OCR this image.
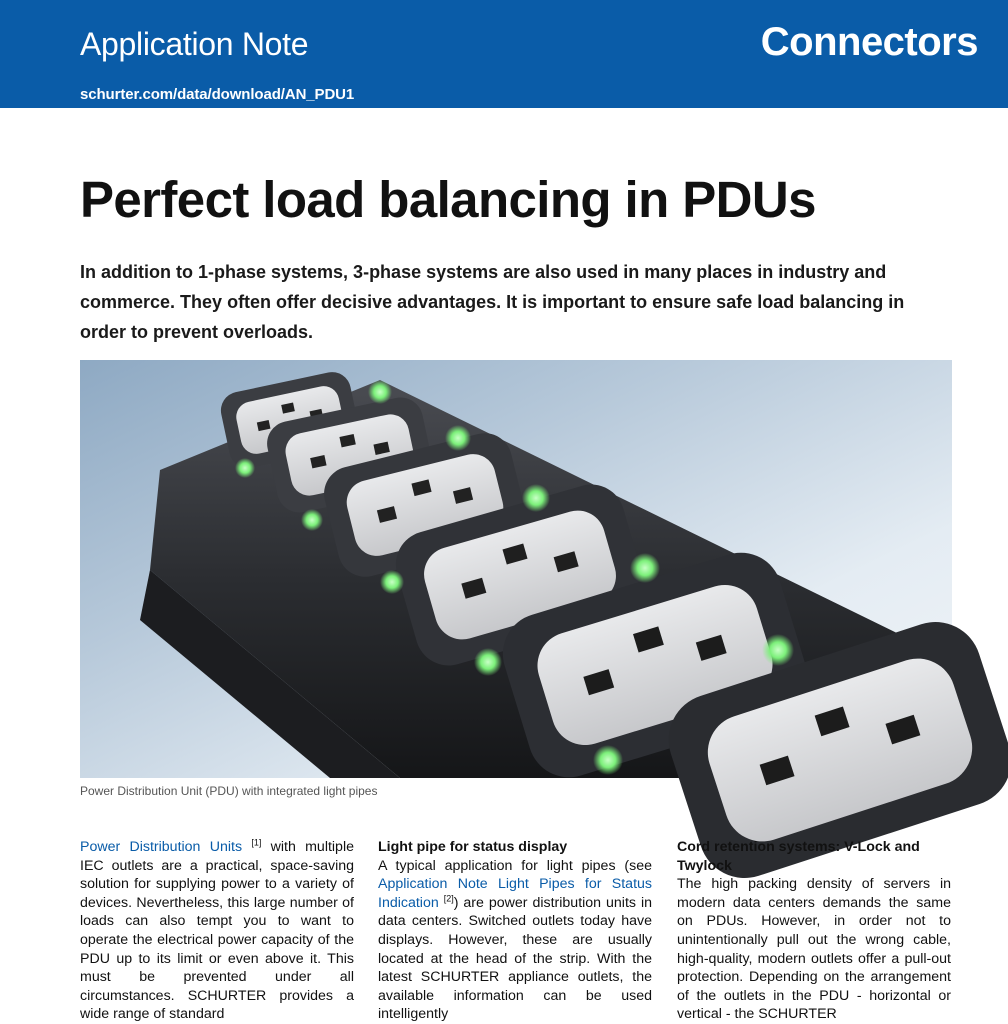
Application Note	Connectors
schurter.com/data/download/AN_PDU1
Perfect load balancing in PDUs

In addition to 1-phase systems, 3-phase systems are also used in many places in industry and commerce. They often offer decisive advantages. It is important to ensure safe load balancing in order to prevent overloads.

Power Distribution Unit (PDU) with integrated light pipes

Power Distribution Units [1] with multiple IEC outlets are a practical, space-saving solution for supplying power to a variety of devices. Nevertheless, this large number of loads can also tempt you to want to operate the electrical power capacity of the PDU up to its limit or even above it. This must be prevented under all circumstances. SCHURTER provides a wide range of standard

Light pipe for status display

A typical application for light pipes (see Application Note Light Pipes for Status Indication [2]) are power distribution units in data centers. Switched outlets today have displays. However, these are usually located at the head of the strip. With the latest SCHURTER appliance outlets, the available information can be used intelligently

Cord retention systems: V-Lock and Twylock

The high packing density of servers in modern data centers demands the same on PDUs. However, in order not to unintentionally pull out the wrong cable, high-quality, modern outlets offer a pull-out protection. Depending on the arrangement of the outlets in the PDU - horizontal or vertical - the SCHURTER
